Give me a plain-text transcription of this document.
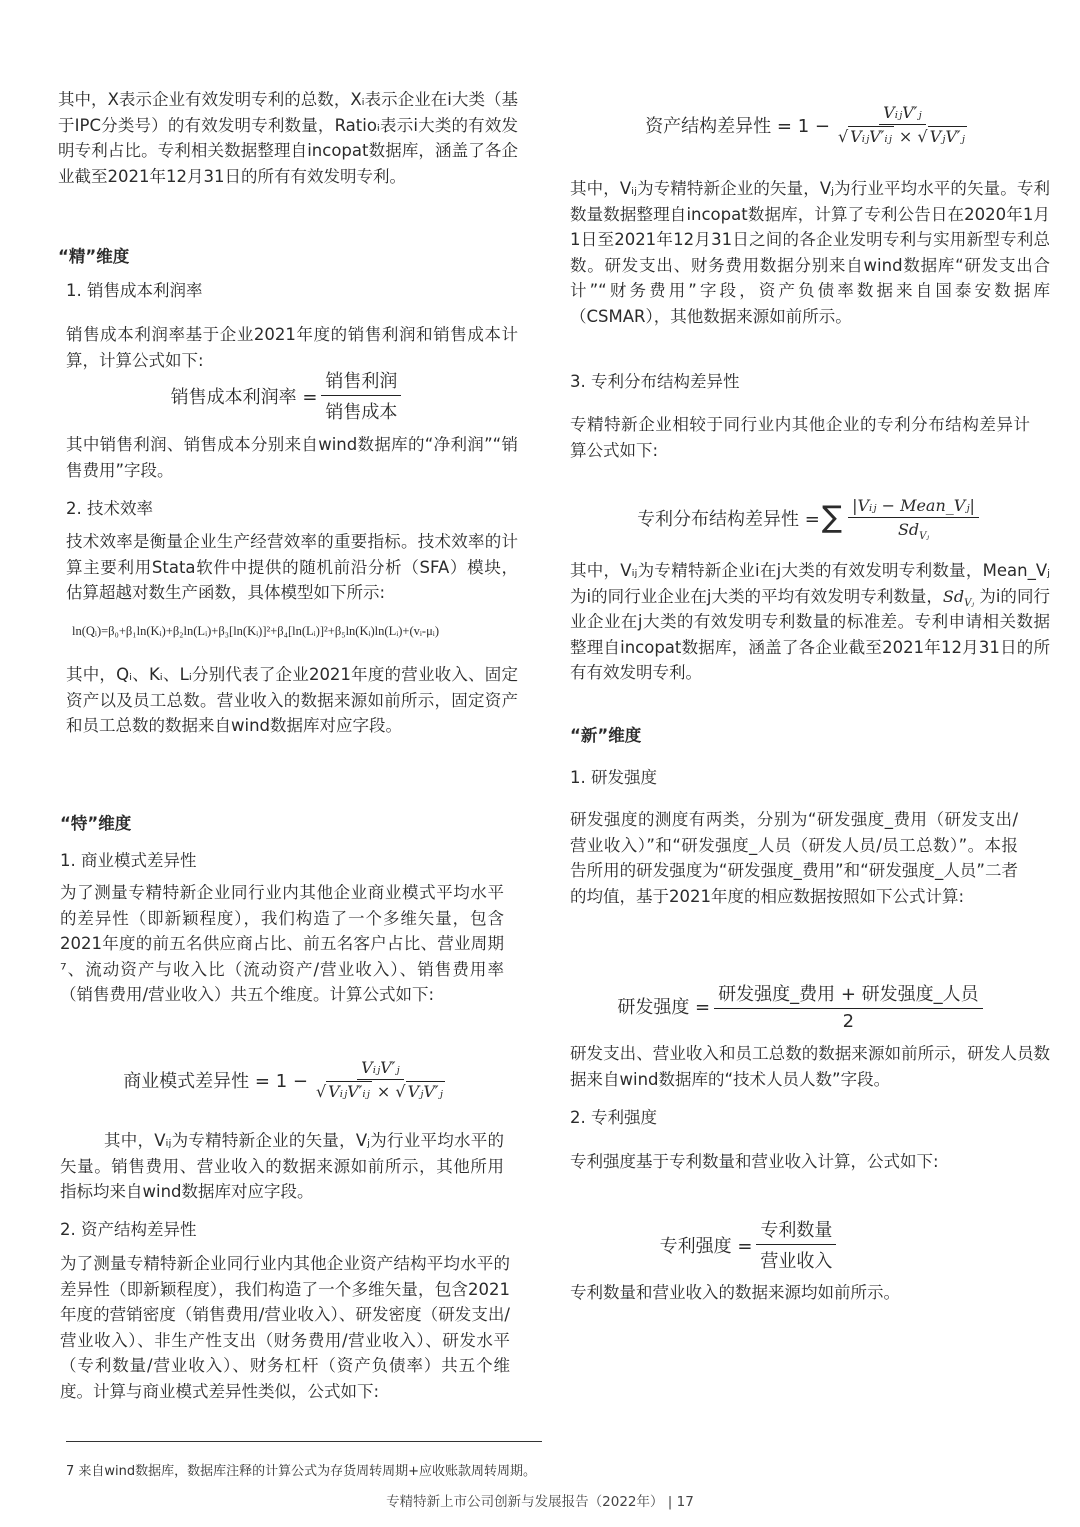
其中，X表示企业有效发明专利的总数，Xᵢ表示企业在i大类（基于IPC分类号）的有效发明专利数量，Ratioᵢ表示i大类的有效发明专利占比。专利相关数据整理自incopat数据库，涵盖了各企业截至2021年12月31日的所有有效发明专利。

“精”维度

1. 销售成本利润率

销售成本利润率基于企业2021年度的销售利润和销售成本计算，计算公式如下:

销售成本利润率 = $\frac{\text{销售利润}}{\text{销售成本}}$

其中销售利润、销售成本分别来自wind数据库的“净利润”“销售费用”字段。

2. 技术效率

技术效率是衡量企业生产经营效率的重要指标。技术效率的计算主要利用Stata软件中提供的随机前沿分析（SFA）模块，估算超越对数生产函数，具体模型如下所示:

ln(Qᵢ)=β₀+β₁ln(Kᵢ)+β₂ln(Lᵢ)+β₃[ln(Kᵢ)]²+β₄[ln(Lᵢ)]²+β₅ln(Kᵢ)ln(Lᵢ)+(vᵢ-μᵢ)

其中，Qᵢ、Kᵢ、Lᵢ分别代表了企业2021年度的营业收入、固定资产以及员工总数。营业收入的数据来源如前所示，固定资产和员工总数的数据来自wind数据库对应字段。

“特”维度

1. 商业模式差异性

为了测量专精特新企业同行业内其他企业商业模式平均水平的差异性（即新颖程度），我们构造了一个多维矢量，包含2021年度的前五名供应商占比、前五名客户占比、营业周期⁷、流动资产与收入比（流动资产/营业收入）、销售费用率（销售费用/营业收入）共五个维度。计算公式如下:

商业模式差异性 = $1 - \frac{\text{VᵢⱼV′ⱼ}}{\text{√ VᵢⱼV′ᵢⱼ × √ VⱼV′ⱼ}}$

其中，Vᵢⱼ为专精特新企业的矢量，Vⱼ为行业平均水平的矢量。销售费用、营业收入的数据来源如前所示，其他所用指标均来自wind数据库对应字段。

2. 资产结构差异性

为了测量专精特新企业同行业内其他企业资产结构平均水平的差异性（即新颖程度），我们构造了一个多维矢量，包含2021年度的营销密度（销售费用/营业收入）、研发密度（研发支出/营业收入）、非生产性支出（财务费用/营业收入）、研发水平（专利数量/营业收入）、财务杠杆（资产负债率）共五个维度。计算与商业模式差异性类似，公式如下:

资产结构差异性 = $1 - \frac{\text{VᵢⱼV′ⱼ}}{\text{√ VᵢⱼV′ᵢⱼ × √ VⱼV′ⱼ}}$

其中，Vᵢⱼ为专精特新企业的矢量，Vⱼ为行业平均水平的矢量。专利数量数据整理自incopat数据库，计算了专利公告日在2020年1月1日至2021年12月31日之间的各企业发明专利与实用新型专利总数。研发支出、财务费用数据分别来自wind数据库“研发支出合计”“财务费用”字段，资产负债率数据来自国泰安数据库（CSMAR），其他数据来源如前所示。

3. 专利分布结构差异性

专精特新企业相较于同行业内其他企业的专利分布结构差异计算公式如下:

专利分布结构差异性 = ∑ $\frac{\text{|Vᵢⱼ − Mean\_Vⱼ|}}{Sd_{Vⱼ}}$

其中，Vᵢⱼ为专精特新企业i在j大类的有效发明专利数量，Mean_Vⱼ为i的同行业企业在j大类的平均有效发明专利数量，$Sd_{Vⱼ}$ 为i的同行业企业在j大类的有效发明专利数量的标准差。专利申请相关数据整理自incopat数据库，涵盖了各企业截至2021年12月31日的所有有效发明专利。

“新”维度

1. 研发强度

研发强度的测度有两类，分别为“研发强度_费用（研发支出/营业收入）”和“研发强度_人员（研发人员/员工总数）”。本报告所用的研发强度为“研发强度_费用”和“研发强度_人员”二者的均值，基于2021年度的相应数据按照如下公式计算:

研发强度 = $\frac{\text{研发强度\_费用 + 研发强度\_人员}}{2}$

研发支出、营业收入和员工总数的数据来源如前所示，研发人员数据来自wind数据库的“技术人员人数”字段。

2. 专利强度

专利强度基于专利数量和营业收入计算，公式如下:

专利强度 = $\frac{\text{专利数量}}{\text{营业收入}}$

专利数量和营业收入的数据来源均如前所示。

7 来自wind数据库，数据库注释的计算公式为存货周转周期+应收账款周转周期。
专精特新上市公司创新与发展报告（2022年） | 17
